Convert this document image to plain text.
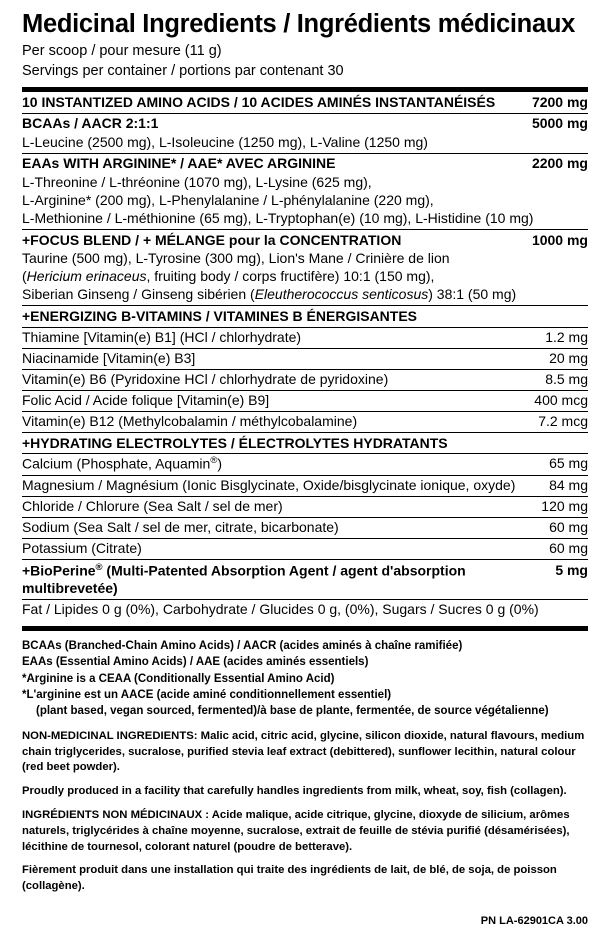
Medicinal Ingredients / Ingrédients médicinaux
Per scoop / pour mesure (11 g)
Servings per container / portions par contenant 30
10 INSTANTIZED AMINO ACIDS / 10 ACIDES AMINÉS INSTANTANÉISÉS	7200 mg
BCAAs / AACR 2:1:1	5000 mg
L-Leucine (2500 mg), L-Isoleucine (1250 mg), L-Valine (1250 mg)	
EAAs WITH ARGININE* / AAE* AVEC ARGININE	2200 mg

L-Threonine / L-thréonine (1070 mg), L-Lysine (625 mg),
L-Arginine* (200 mg), L-Phenylalanine / L-phénylalanine (220 mg),
L-Methionine / L-méthionine (65 mg), L-Tryptophan(e) (10 mg), L-Histidine (10 mg)	

+FOCUS BLEND / + MÉLANGE pour la CONCENTRATION	1000 mg

Taurine (500 mg), L-Tyrosine (300 mg), Lion's Mane / Crinière de lion
(Hericium erinaceus, fruiting body / corps fructifère) 10:1 (150 mg),
Siberian Ginseng / Ginseng sibérien (Eleutherococcus senticosus) 38:1 (50 mg)	

+ENERGIZING B-VITAMINS / VITAMINES B ÉNERGISANTES	
Thiamine [Vitamin(e) B1] (HCl / chlorhydrate)	1.2 mg
Niacinamide [Vitamin(e) B3]	20 mg
Vitamin(e) B6 (Pyridoxine HCl / chlorhydrate de pyridoxine)	8.5 mg
Folic Acid / Acide folique [Vitamin(e) B9]	400 mcg
Vitamin(e) B12 (Methylcobalamin / méthylcobalamine)	7.2 mcg
+HYDRATING ELECTROLYTES / ÉLECTROLYTES HYDRATANTS	
Calcium (Phosphate, Aquamin®)	65 mg
Magnesium / Magnésium (Ionic Bisglycinate, Oxide/bisglycinate ionique, oxyde)	84 mg
Chloride / Chlorure (Sea Salt / sel de mer)	120 mg
Sodium (Sea Salt / sel de mer, citrate, bicarbonate)	60 mg
Potassium (Citrate)	60 mg
+BioPerine® (Multi-Patented Absorption Agent / agent d'absorption multibrevetée)	5 mg
Fat / Lipides 0 g (0%), Carbohydrate / Glucides 0 g, (0%), Sugars / Sucres 0 g (0%)	
BCAAs (Branched-Chain Amino Acids) / AACR (acides aminés à chaîne ramifiée)
EAAs (Essential Amino Acids) / AAE (acides aminés essentiels)
*Arginine is a CEAA (Conditionally Essential Amino Acid)
*L'arginine est un AACE (acide aminé conditionnellement essentiel)
(plant based, vegan sourced, fermented)/à base de plante, fermentée, de source végétalienne)

NON-MEDICINAL INGREDIENTS: Malic acid, citric acid, glycine, silicon dioxide, natural flavours, medium chain triglycerides, sucralose, purified stevia leaf extract (debittered), sunflower lecithin, natural colour (red beet powder).

Proudly produced in a facility that carefully handles ingredients from milk, wheat, soy, fish (collagen).

INGRÉDIENTS NON MÉDICINAUX : Acide malique, acide citrique, glycine, dioxyde de silicium, arômes naturels, triglycérides à chaîne moyenne, sucralose, extrait de feuille de stévia purifié (désamérisées), lécithine de tournesol, colorant naturel (poudre de betterave).

Fièrement produit dans une installation qui traite des ingrédients de lait, de blé, de soja, de poisson (collagène).

PN LA-62901CA 3.00
